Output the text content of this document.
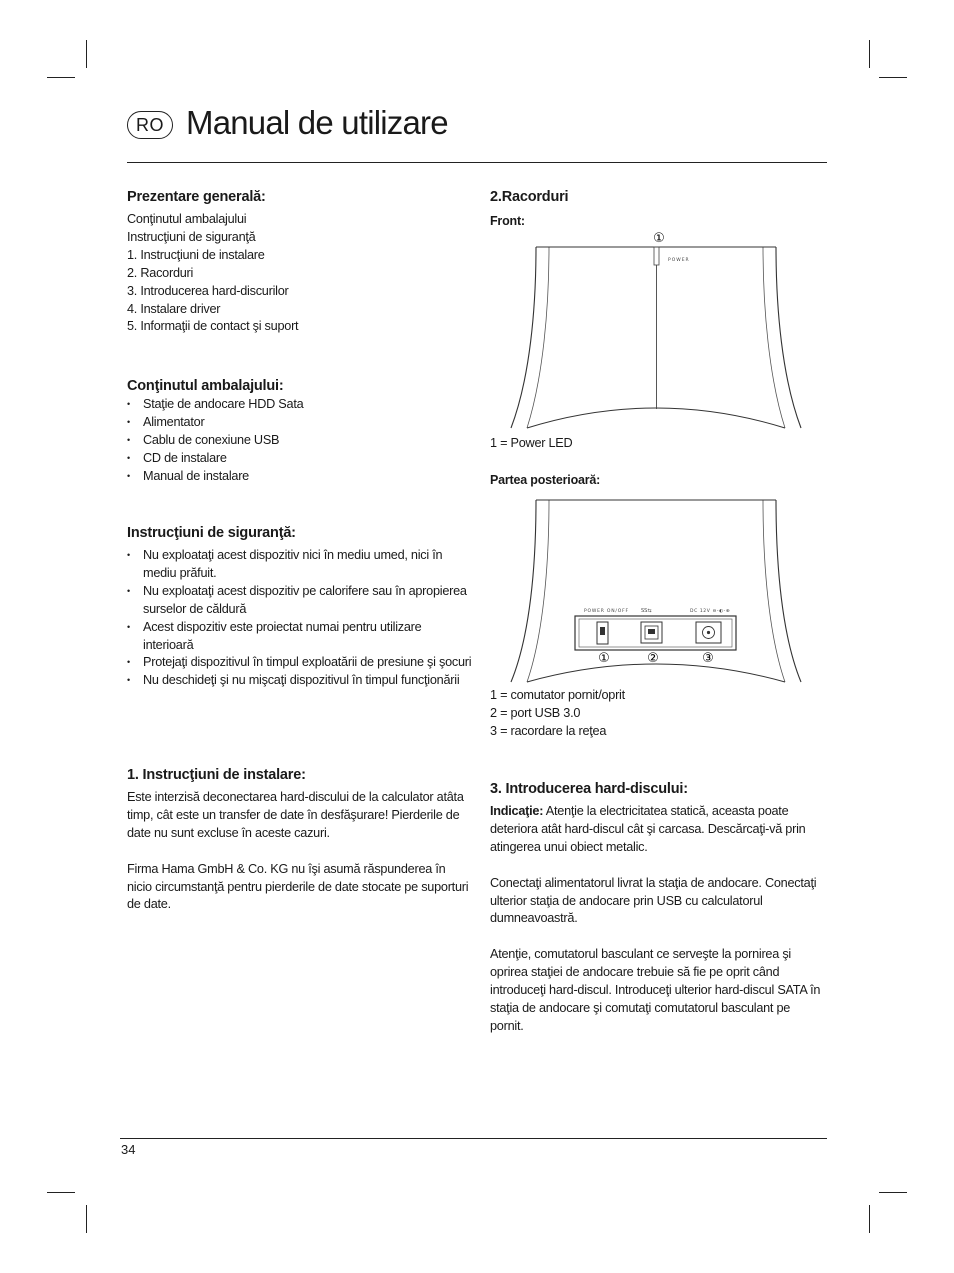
RO Manual de utilizare
Prezentare generală:
Conţinutul ambalajului
Instrucţiuni de siguranţă
1. Instrucţiuni de instalare
2. Racorduri
3. Introducerea hard-discurilor
4. Instalare driver
5. Informaţii de contact şi suport
Conţinutul ambalajului:
• Staţie de andocare HDD Sata
• Alimentator
• Cablu de conexiune USB
• CD de instalare
• Manual de instalare
Instrucţiuni de siguranţă:
• Nu exploataţi acest dispozitiv nici în mediu umed, nici în mediu prăfuit.
• Nu exploataţi acest dispozitiv pe calorifere sau în apropierea surselor de căldură
• Acest dispozitiv este proiectat numai pentru utilizare interioară
• Protejaţi dispozitivul în timpul exploatării de presiune şi şocuri
• Nu deschideţi şi nu mişcaţi dispozitivul în timpul funcţionării
1. Instrucţiuni de instalare:

Este interzisă deconectarea hard-discului de la calculator atâta timp, cât este un transfer de date în desfăşurare! Pierderile de date nu sunt excluse în aceste cazuri.

Firma Hama GmbH & Co. KG nu îşi asumă răspunderea în nicio circumstanţă pentru pierderile de date stocate pe suporturi de date.

2.Racorduri
Front:
①
POWER

1 = Power LED

Partea posterioară:
POWER ON/OFF SS⇆	DC 12V ⊖-◐-⊕
①	②	③

1 = comutator pornit/oprit

2 = port USB 3.0

3 = racordare la reţea

3. Introducerea hard-discului:

Indicaţie: Atenţie la electricitatea statică, aceasta poate deteriora atât hard-discul cât şi carcasa. Descărcaţi-vă prin atingerea unui obiect metalic.

Conectaţi alimentatorul livrat la staţia de andocare. Conectaţi ulterior staţia de andocare prin USB cu calculatorul dumneavoastră.

Atenţie, comutatorul basculant ce serveşte la pornirea şi oprirea staţiei de andocare trebuie să fie pe oprit când introduceţi hard-discul. Introduceţi ulterior hard-discul SATA în staţia de andocare şi comutaţi comutatorul basculant pe pornit.

34
